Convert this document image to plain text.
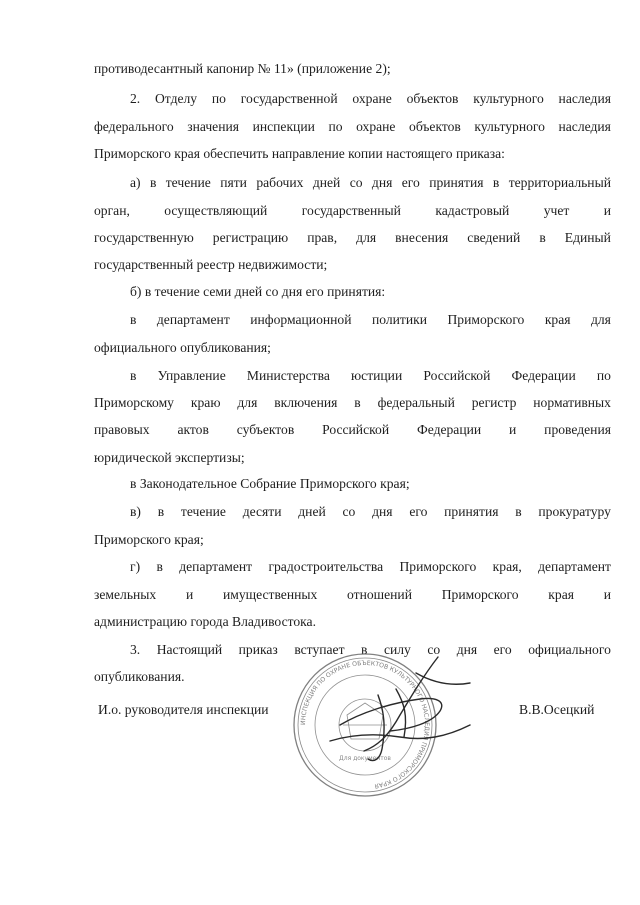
противодесантный капонир № 11» (приложение 2);
2. Отделу по государственной охране объектов культурного наследия
федерального значения инспекции по охране объектов культурного наследия
Приморского края обеспечить направление копии настоящего приказа:
а) в течение пяти рабочих дней со дня его принятия в территориальный
орган,	осуществляющий	государственный	кадастровый	учет	и
государственную регистрацию прав, для внесения сведений в Единый
государственный реестр недвижимости;
б) в течение семи дней со дня его принятия:
в департамент информационной политики Приморского края для
официального опубликования;
в Управление Министерства юстиции Российской Федерации по
Приморскому краю для включения в федеральный регистр нормативных
правовых актов субъектов Российской Федерации и проведения
юридической экспертизы;
в Законодательное Собрание Приморского края;
в) в течение десяти дней со дня его принятия в прокуратуру
Приморского края;
г) в департамент градостроительства Приморского края, департамент
земельных и имущественных отношений Приморского края и
администрацию города Владивостока.
3. Настоящий приказ вступает в силу со дня его официального
опубликования.
ИНСПЕКЦИЯ ПО ОХРАНЕ ОБЪЕКТОВ КУЛЬТУРНОГО НАСЛЕДИЯ ПРИМОРСКОГО КРАЯ
Для документов
И.о. руководителя инспекции	В.В.Осецкий
